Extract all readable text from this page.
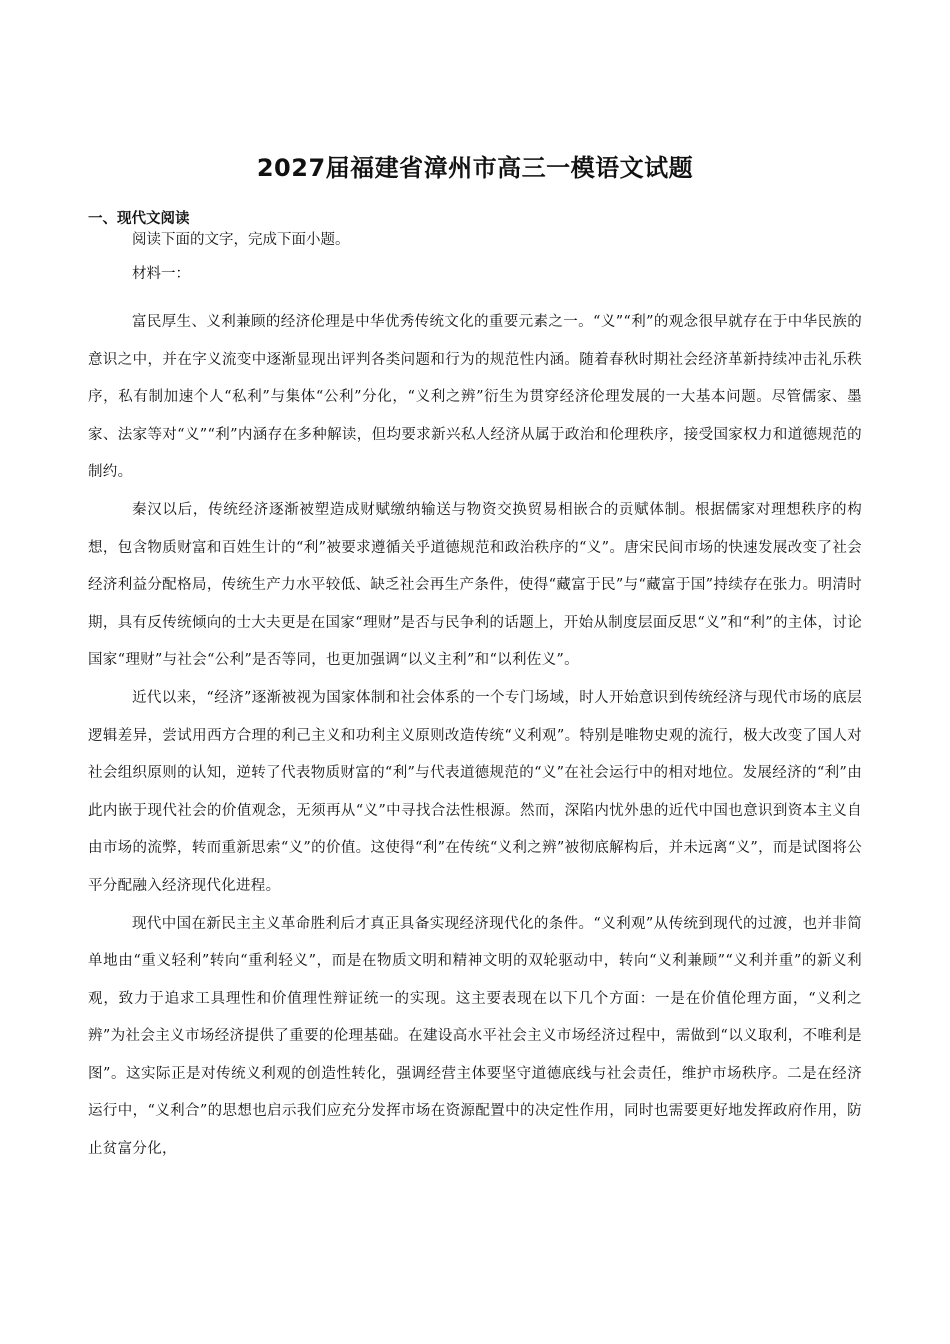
2027届福建省漳州市高三一模语文试题
一、现代文阅读

阅读下面的文字，完成下面小题。

材料一：

富民厚生、义利兼顾的经济伦理是中华优秀传统文化的重要元素之一。“义”“利”的观念很早就存在于中华民族的意识之中，并在字义流变中逐渐显现出评判各类问题和行为的规范性内涵。随着春秋时期社会经济革新持续冲击礼乐秩序，私有制加速个人“私利”与集体“公利”分化，“义利之辨”衍生为贯穿经济伦理发展的一大基本问题。尽管儒家、墨家、法家等对“义”“利”内涵存在多种解读，但均要求新兴私人经济从属于政治和伦理秩序，接受国家权力和道德规范的制约。

秦汉以后，传统经济逐渐被塑造成财赋缴纳输送与物资交换贸易相嵌合的贡赋体制。根据儒家对理想秩序的构想，包含物质财富和百姓生计的“利”被要求遵循关乎道德规范和政治秩序的“义”。唐宋民间市场的快速发展改变了社会经济利益分配格局，传统生产力水平较低、缺乏社会再生产条件，使得“藏富于民”与“藏富于国”持续存在张力。明清时期，具有反传统倾向的士大夫更是在国家“理财”是否与民争利的话题上，开始从制度层面反思“义”和“利”的主体，讨论国家“理财”与社会“公利”是否等同，也更加强调“以义主利”和“以利佐义”。

近代以来，“经济”逐渐被视为国家体制和社会体系的一个专门场域，时人开始意识到传统经济与现代市场的底层逻辑差异，尝试用西方合理的利己主义和功利主义原则改造传统“义利观”。特别是唯物史观的流行，极大改变了国人对社会组织原则的认知，逆转了代表物质财富的“利”与代表道德规范的“义”在社会运行中的相对地位。发展经济的“利”由此内嵌于现代社会的价值观念，无须再从“义”中寻找合法性根源。然而，深陷内忧外患的近代中国也意识到资本主义自由市场的流弊，转而重新思索“义”的价值。这使得“利”在传统“义利之辨”被彻底解构后，并未远离“义”，而是试图将公平分配融入经济现代化进程。

现代中国在新民主主义革命胜利后才真正具备实现经济现代化的条件。“义利观”从传统到现代的过渡，也并非简单地由“重义轻利”转向“重利轻义”，而是在物质文明和精神文明的双轮驱动中，转向“义利兼顾”“义利并重”的新义利观，致力于追求工具理性和价值理性辩证统一的实现。这主要表现在以下几个方面：一是在价值伦理方面，“义利之辨”为社会主义市场经济提供了重要的伦理基础。在建设高水平社会主义市场经济过程中，需做到“以义取利，不唯利是图”。这实际正是对传统义利观的创造性转化，强调经营主体要坚守道德底线与社会责任，维护市场秩序。二是在经济运行中，“义利合”的思想也启示我们应充分发挥市场在资源配置中的决定性作用，同时也需要更好地发挥政府作用，防止贫富分化，
